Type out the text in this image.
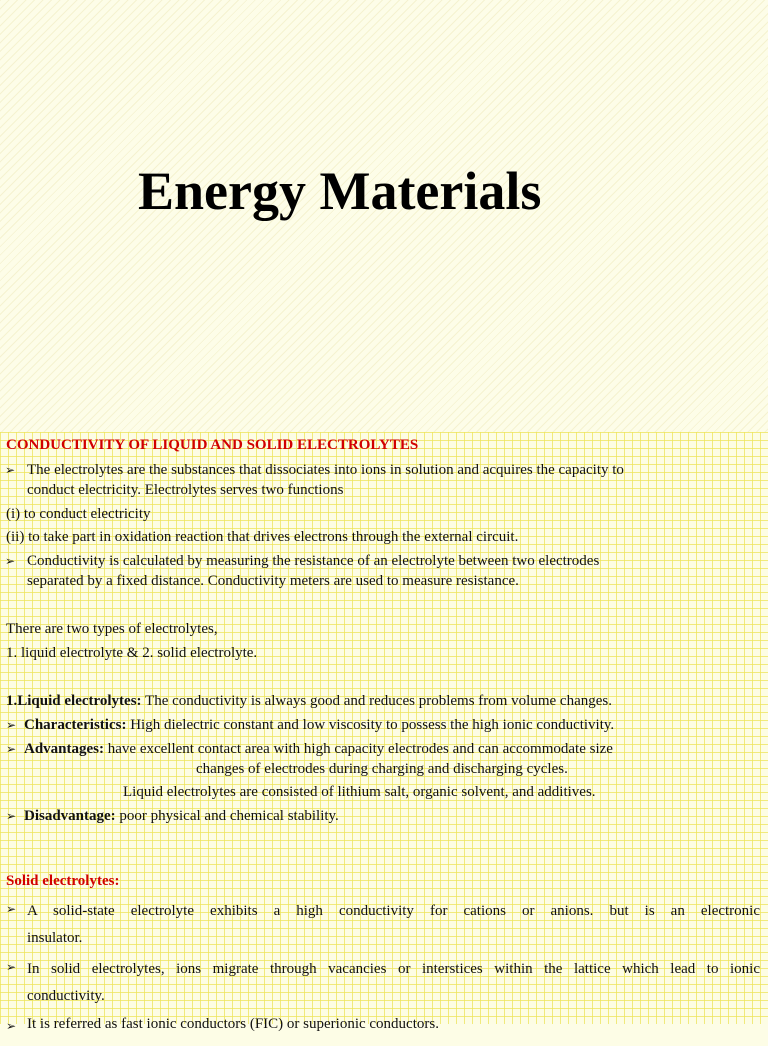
Energy Materials
CONDUCTIVITY OF LIQUID AND SOLID ELECTROLYTES
➢ The electrolytes are the substances that dissociates into ions in solution and acquires the capacity to
conduct electricity. Electrolytes serves two functions
(i) to conduct electricity
(ii) to take part in oxidation reaction that drives electrons through the external circuit.
➢ Conductivity is calculated by measuring the resistance of an electrolyte between two electrodes
separated by a fixed distance. Conductivity meters are used to measure resistance.
There are two types of electrolytes,
1. liquid electrolyte & 2. solid electrolyte.
1.Liquid electrolytes: The conductivity is always good and reduces problems from volume changes.
➢ Characteristics: High dielectric constant and low viscosity to possess the high ionic conductivity.
➢ Advantages: have excellent contact area with high capacity electrodes and can accommodate size
changes of electrodes during charging and discharging cycles.
Liquid electrolytes are consisted of lithium salt, organic solvent, and additives.
➢ Disadvantage: poor physical and chemical stability.
Solid electrolytes:
➢ A solid-state electrolyte exhibits a high conductivity for cations or anions. but is an electronic
insulator.
➢ In solid electrolytes, ions migrate through vacancies or interstices within the lattice which lead to ionic
conductivity.
➢ It is referred as fast ionic conductors (FIC) or superionic conductors.
